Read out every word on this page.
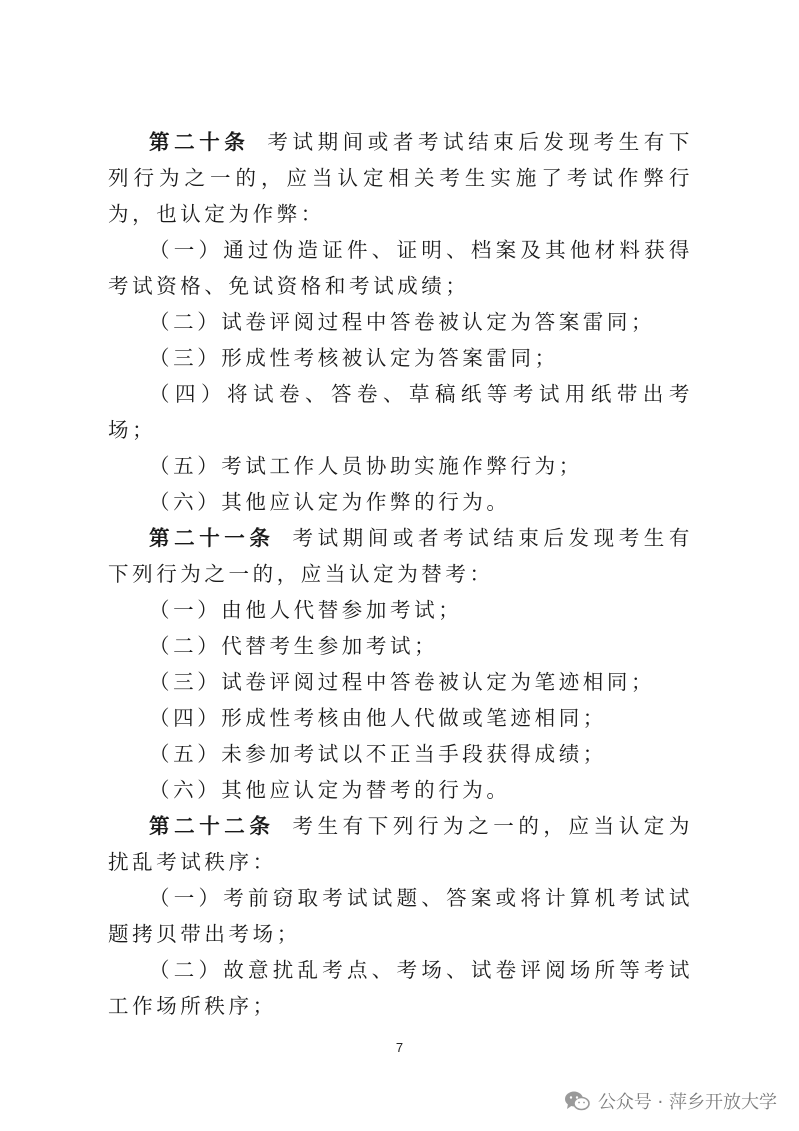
第二十条 考试期间或者考试结束后发现考生有下列行为之一的，应当认定相关考生实施了考试作弊行为，也认定为作弊：

（一）通过伪造证件、证明、档案及其他材料获得考试资格、免试资格和考试成绩；

（二）试卷评阅过程中答卷被认定为答案雷同；

（三）形成性考核被认定为答案雷同；

（四）将试卷、答卷、草稿纸等考试用纸带出考场；

（五）考试工作人员协助实施作弊行为；

（六）其他应认定为作弊的行为。

第二十一条 考试期间或者考试结束后发现考生有下列行为之一的，应当认定为替考：

（一）由他人代替参加考试；

（二）代替考生参加考试；

（三）试卷评阅过程中答卷被认定为笔迹相同；

（四）形成性考核由他人代做或笔迹相同；

（五）未参加考试以不正当手段获得成绩；

（六）其他应认定为替考的行为。

第二十二条 考生有下列行为之一的，应当认定为扰乱考试秩序：

（一）考前窃取考试试题、答案或将计算机考试试题拷贝带出考场；

（二）故意扰乱考点、考场、试卷评阅场所等考试工作场所秩序；

7
公众号 · 萍乡开放大学
